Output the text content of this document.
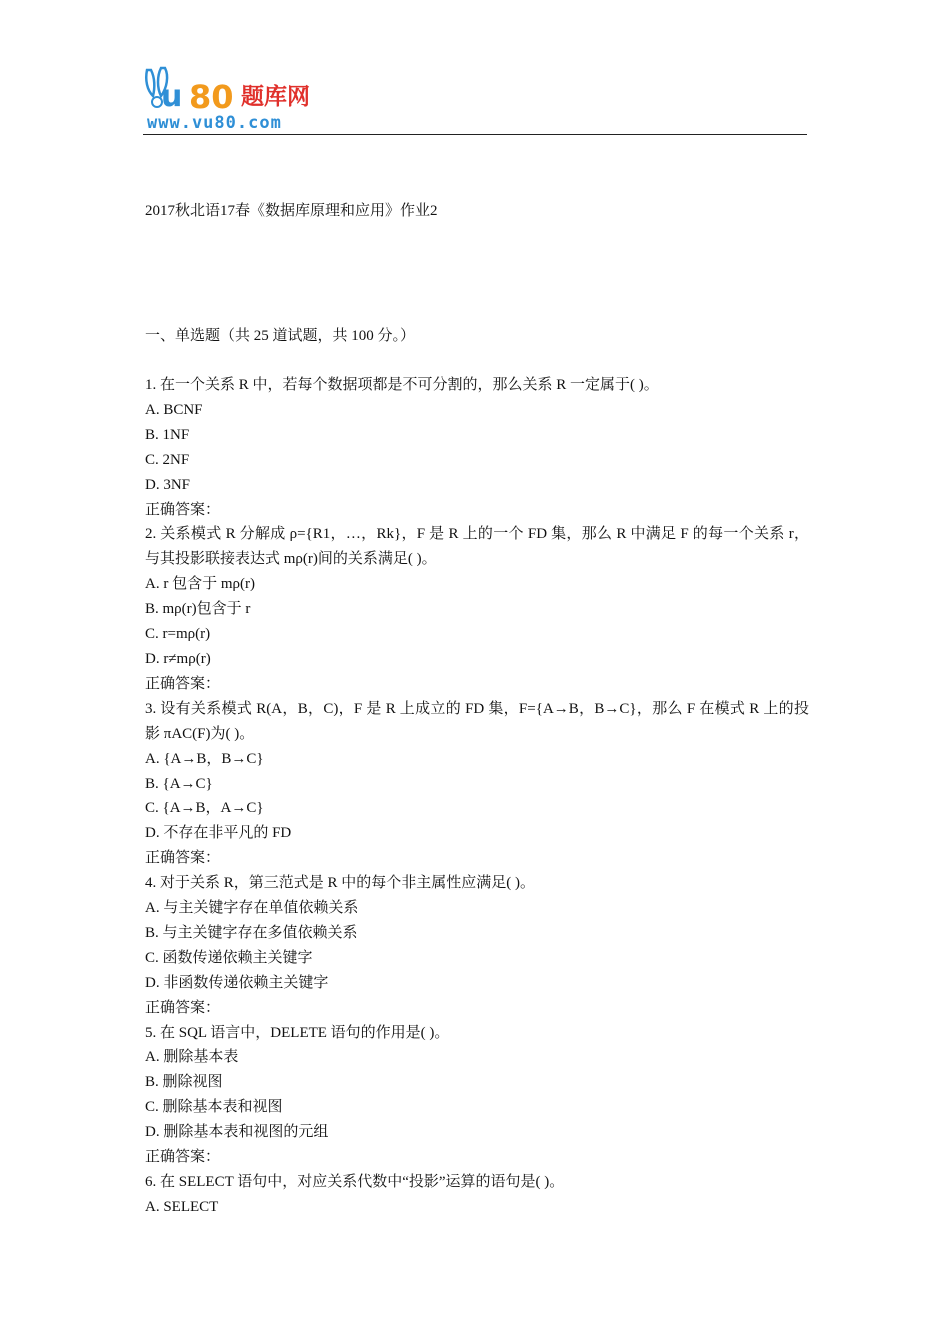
u 80 题库网
www.vu80.com
2017秋北语17春《数据库原理和应用》作业2
一、单选题（共 25 道试题，共 100 分。）
1. 在一个关系 R 中，若每个数据项都是不可分割的，那么关系 R 一定属于( )。
A. BCNF
B. 1NF
C. 2NF
D. 3NF
正确答案：
2. 关系模式 R 分解成 ρ={R1，…，Rk}，F 是 R 上的一个 FD 集，那么 R 中满足 F 的每一个关系 r，与其投影联接表达式 mρ(r)间的关系满足( )。
A. r 包含于 mρ(r)
B. mρ(r)包含于 r
C. r=mρ(r)
D. r≠mρ(r)
正确答案：
3. 设有关系模式 R(A，B，C)，F 是 R 上成立的 FD 集，F={A→B，B→C}，那么 F 在模式 R 上的投影 πAC(F)为( )。
A. {A→B，B→C}
B. {A→C}
C. {A→B，A→C}
D. 不存在非平凡的 FD
正确答案：
4. 对于关系 R，第三范式是 R 中的每个非主属性应满足( )。
A. 与主关键字存在单值依赖关系
B. 与主关键字存在多值依赖关系
C. 函数传递依赖主关键字
D. 非函数传递依赖主关键字
正确答案：
5. 在 SQL 语言中，DELETE 语句的作用是( )。
A. 删除基本表
B. 删除视图
C. 删除基本表和视图
D. 删除基本表和视图的元组
正确答案：
6. 在 SELECT 语句中，对应关系代数中“投影”运算的语句是( )。
A. SELECT
